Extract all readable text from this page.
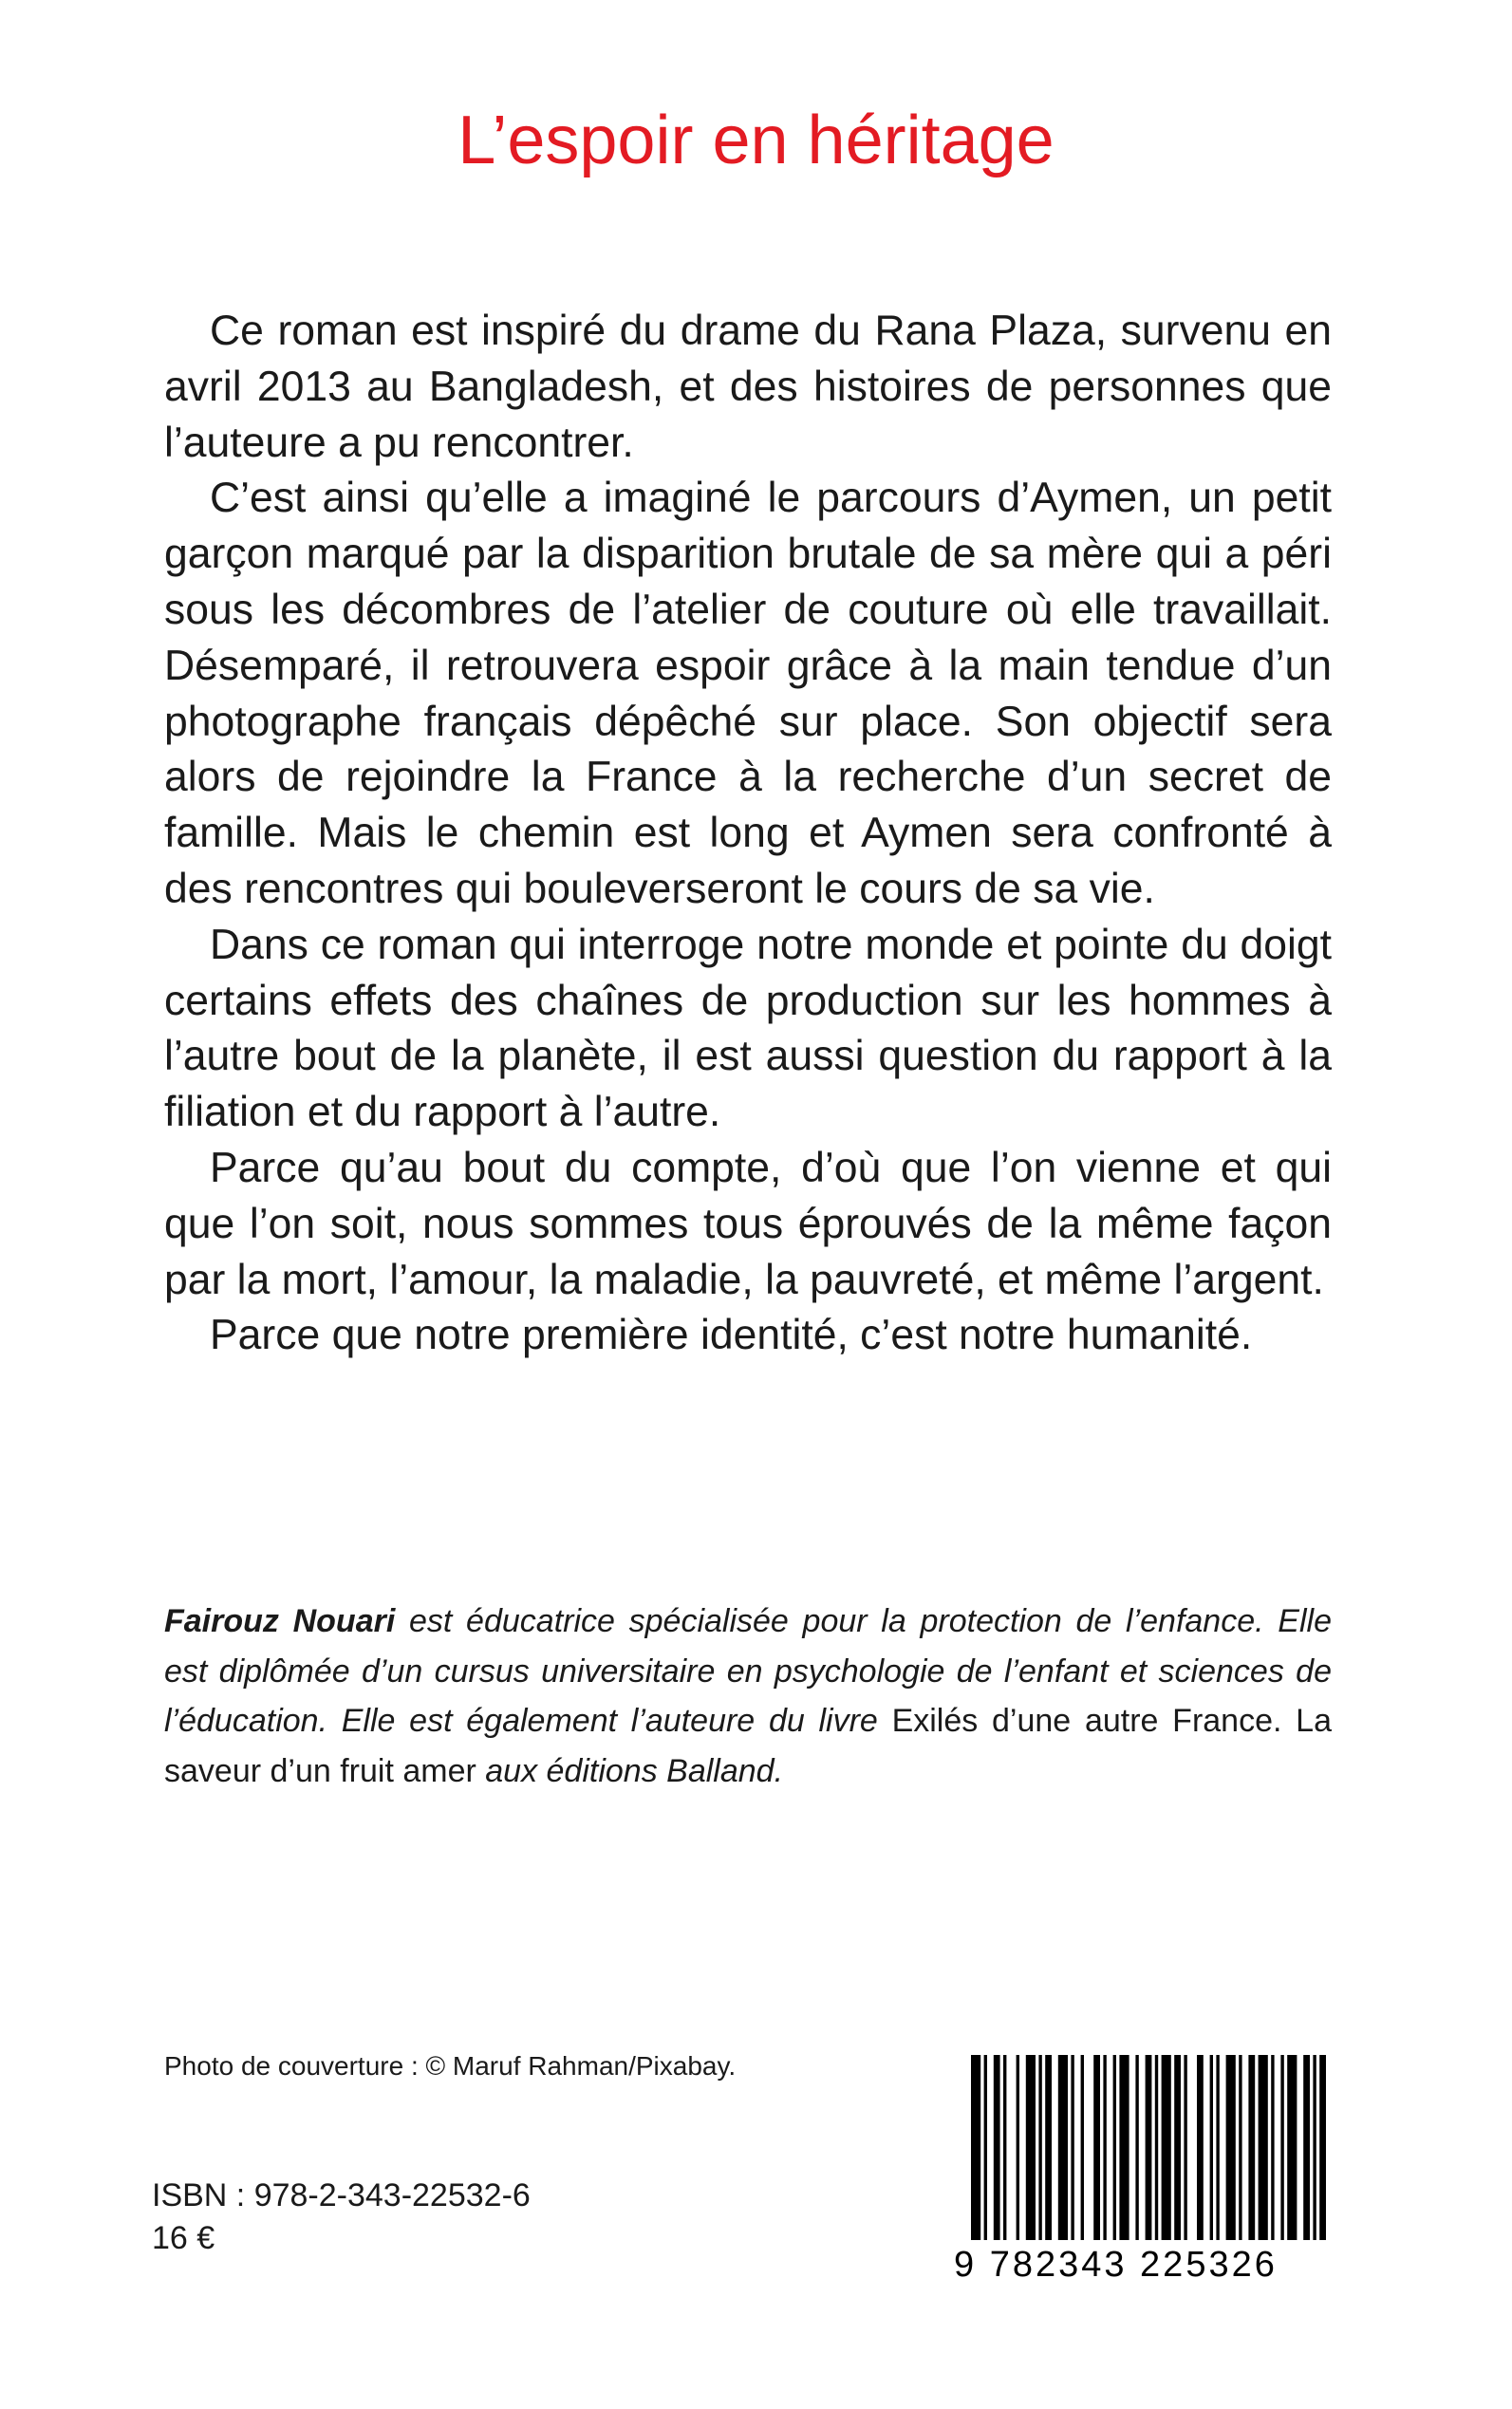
L’espoir en héritage

Ce roman est inspiré du drame du Rana Plaza, survenu en avril 2013 au Bangladesh, et des histoires de personnes que l’auteure a pu rencontrer.

C’est ainsi qu’elle a imaginé le parcours d’Aymen, un petit garçon marqué par la disparition brutale de sa mère qui a péri sous les décombres de l’atelier de couture où elle travaillait. Désemparé, il retrouvera espoir grâce à la main tendue d’un photographe français dépêché sur place. Son objectif sera alors de rejoindre la France à la recherche d’un secret de famille. Mais le chemin est long et Aymen sera confronté à des rencontres qui bouleverseront le cours de sa vie.

Dans ce roman qui interroge notre monde et pointe du doigt certains effets des chaînes de production sur les hommes à l’autre bout de la planète, il est aussi question du rapport à la filiation et du rapport à l’autre.

Parce qu’au bout du compte, d’où que l’on vienne et qui que l’on soit, nous sommes tous éprouvés de la même façon par la mort, l’amour, la maladie, la pauvreté, et même l’argent.

Parce que notre première identité, c’est notre humanité.

Fairouz Nouari est éducatrice spécialisée pour la protection de l’enfance. Elle est diplômée d’un cursus universitaire en psychologie de l’enfant et sciences de l’éducation. Elle est également l’auteure du livre Exilés d’une autre France. La saveur d’un fruit amer aux éditions Balland.
Photo de couverture : © Maruf Rahman/Pixabay.
ISBN : 978-2-343-22532-6
16 €
9 782343 225326
